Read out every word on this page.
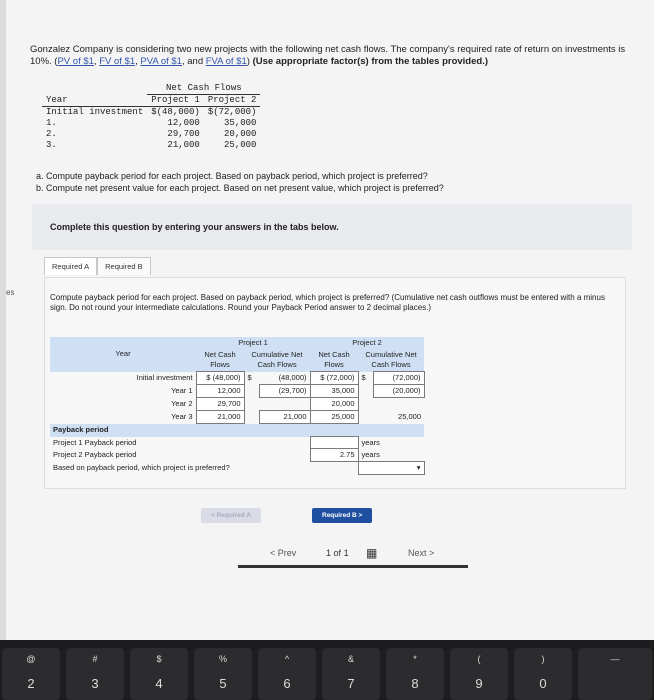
es
Gonzalez Company is considering two new projects with the following net cash flows. The company's required rate of return on investments is 10%. (PV of $1, FV of $1, PVA of $1, and FVA of $1) (Use appropriate factor(s) from the tables provided.)
	Net Cash Flows	
Year	Project 1	Project 2
Initial investment	$(48,000)	$(72,000)
1.	12,000	35,000
2.	29,700	20,000
3.	21,000	25,000
a. Compute payback period for each project. Based on payback period, which project is preferred?
b. Compute net present value for each project. Based on net present value, which project is preferred?
Complete this question by entering your answers in the tabs below.
Required A	Required B
Compute payback period for each project. Based on payback period, which project is preferred? (Cumulative net cash outflows must be entered with a minus sign. Do not round your intermediate calculations. Round your Payback Period answer to 2 decimal places.)
Year	Project 1			Project 2		
	Net Cash Flows	Cumulative Net Cash Flows		Net Cash Flows	Cumulative Net Cash Flows	
Initial investment	$ (48,000)	$	(48,000)	$ (72,000)	$	(72,000)
Year 1	12,000		(29,700)	35,000		(20,000)
Year 2	29,700			20,000		
Year 3	21,000		21,000	25,000		25,000
Payback period						
Project 1 Payback period					years	
Project 2 Payback period				2.75	years	
Based on payback period, which project is preferred?					▾	
< Required A	Required B >
< Prev	1 of 1 ▦	Next >
@
2
#
3
$
4
%
5
^
6
&
7
*
8
(
9
)
0
—
